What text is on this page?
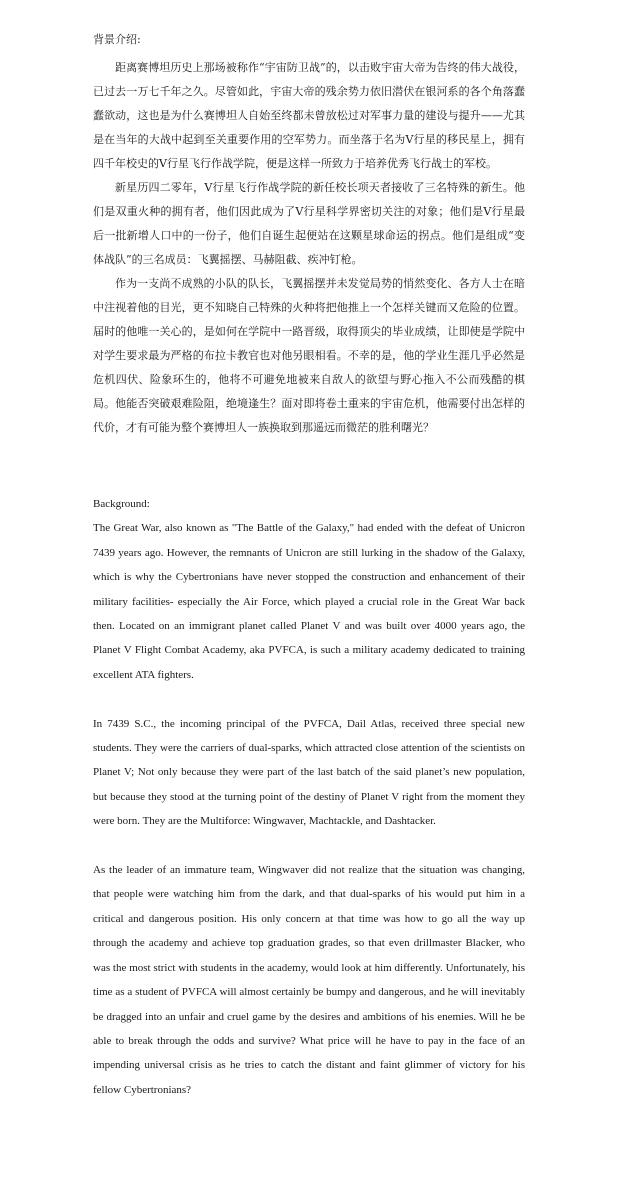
背景介绍:

距离赛博坦历史上那场被称作“宇宙防卫战”的，以击败宇宙大帝为告终的伟大战役，已过去一万七千年之久。尽管如此，宇宙大帝的残余势力依旧潜伏在银河系的各个角落蠢蠢欲动，这也是为什么赛博坦人自始至终都未曾放松过对军事力量的建设与提升——尤其是在当年的大战中起到至关重要作用的空军势力。而坐落于名为V行星的移民星上，拥有四千年校史的V行星飞行作战学院，便是这样一所致力于培养优秀飞行战士的军校。

新星历四二零年，V行星飞行作战学院的新任校长项天者接收了三名特殊的新生。他们是双重火种的拥有者，他们因此成为了V行星科学界密切关注的对象；他们是V行星最后一批新增人口中的一份子，他们自诞生起便站在这颗星球命运的拐点。他们是组成“变体战队”的三名成员：飞翼摇摆、马赫阻截、疾冲钉枪。

作为一支尚不成熟的小队的队长，飞翼摇摆并未发觉局势的悄然变化、各方人士在暗中注视着他的目光，更不知晓自己特殊的火种将把他推上一个怎样关键而又危险的位置。届时的他唯一关心的，是如何在学院中一路晋级，取得顶尖的毕业成绩，让即使是学院中对学生要求最为严格的布拉卡教官也对他另眼相看。不幸的是，他的学业生涯几乎必然是危机四伏、险象环生的，他将不可避免地被来自敌人的欲望与野心拖入不公而残酷的棋局。他能否突破艰难险阻，绝境逢生？面对即将卷土重来的宇宙危机，他需要付出怎样的代价，才有可能为整个赛博坦人一族换取到那遥远而微茫的胜利曙光？

Background:

The Great War, also known as "The Battle of the Galaxy," had ended with the defeat of Unicron 7439 years ago. However, the remnants of Unicron are still lurking in the shadow of the Galaxy, which is why the Cybertronians have never stopped the construction and enhancement of their military facilities- especially the Air Force, which played a crucial role in the Great War back then. Located on an immigrant planet called Planet V and was built over 4000 years ago, the Planet V Flight Combat Academy, aka PVFCA, is such a military academy dedicated to training excellent ATA fighters.

In 7439 S.C., the incoming principal of the PVFCA, Dail Atlas, received three special new students. They were the carriers of dual-sparks, which attracted close attention of the scientists on Planet V; Not only because they were part of the last batch of the said planet’s new population, but because they stood at the turning point of the destiny of Planet V right from the moment they were born. They are the Multiforce: Wingwaver, Machtackle, and Dashtacker.

As the leader of an immature team, Wingwaver did not realize that the situation was changing, that people were watching him from the dark, and that dual-sparks of his would put him in a critical and dangerous position. His only concern at that time was how to go all the way up through the academy and achieve top graduation grades, so that even drillmaster Blacker, who was the most strict with students in the academy, would look at him differently. Unfortunately, his time as a student of PVFCA will almost certainly be bumpy and dangerous, and he will inevitably be dragged into an unfair and cruel game by the desires and ambitions of his enemies. Will he be able to break through the odds and survive? What price will he have to pay in the face of an impending universal crisis as he tries to catch the distant and faint glimmer of victory for his fellow Cybertronians?
